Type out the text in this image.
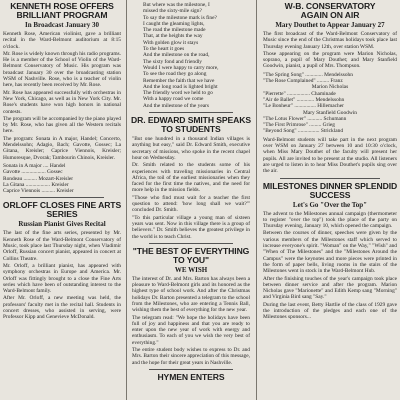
KENNETH ROSE OFFERS
BRILLIANT PROGRAM
In Broadcast January 30

Kenneth Rose, American violinist, gave a brilliant recital in the Ward-Belmont auditorium at 8:15 o'clock.

Mr. Rose is widely known through his radio programs. He is a member of the School of Violin of the Ward-Belmont Conservatory of Music. His program was broadcast January 30 over the broadcasting station WSM of Nashville. Rose, who is a teacher of violin here, has recently been received by Mr. Rose.

Mr. Rose has appeared successfully with orchestras in New York, Chicago, as well as in New York City. Mr. Rose's students have won high honors in national contests.

The program will be accompanied by the piano played by Mr. Rose, who has given all the Western recitals here.

The program: Sonata in A major, Handel; Concerto, Mendelssohn; Adagio, Bach; Gavotte, Gossec; La Gitana, Kreisler; Caprice Viennois, Kreisler; Humoresque, Dvorak; Tambourin Chinois, Kreisler.

Sonata in A major .... Handel
Gavotte .................. Gossec
Rondeau .......... Mozart-Kreisler
La Gitana .................. Kreisler
Caprice Viennois .......... Kreisler
ORLOFF CLOSES FINE ARTS SERIES
Russian Pianist Gives Recital

The last of the fine arts series, presented by Mr. Kenneth Rose of the Ward-Belmont Conservatory of Music, took place last Thursday night, when Vladimir Orloff, Russian concert pianist, appeared in concert at Collins Theatre.

Mr. Orloff, a brilliant pianist, has appeared with symphony orchestras in Europe and America. Mr. Orloff was fittingly brought to a close the Fine Arts series which have been of outstanding interest to the Ward-Belmont family.

After Mr. Orloff, a new meeting was held, the professors' faculty met in the recital hall. Students in concert dresses, who assisted in serving, were Professor Kipp and Genevieve McDonald.

But where was the milestone, I
missed the sixty-mile sign?
To say the milestone mark is fine?
I caught the gleaming lights,
The road the milestone made
That, at the heights the way
With golden glow it stays
To the heart it goes
And the milestone on the road,
The sixty fond and friendly
Would I were happy to carry more,
To see the road they go along
Remember the faith that we have
And the long road is lighted bright
The friendly word we held to go
With a happy road we come
And the milestone of the years
DR. EDWARD SMITH SPEAKS TO STUDENTS

"But one hundred in a thousand Indian villages is anything but easy," said Dr. Edward Smith, executive secretary of missions, who spoke in the recent chapel hour on Wednesday.

Dr. Smith related to the students some of his experiences with traveling missionaries in Central Africa, the toil of the earliest missionaries when they faced for the first time the natives, and the need for more help in the mission fields.

"Those who find must wait for a teacher the first question to attend: 'how long shall we wait?'" concluded Dr. Smith.

"To this particular village a young man of sixteen years was sent. Now in this village there is a group of believers." Dr. Smith believes the greatest privilege in the world is to teach Christ.

"THE BEST OF EVERYTHING TO YOU"
WE WISH

The interest of Dr. and Mrs. Barton has always been a pleasure to Ward-Belmont girls and its honored as the highest type of school work. And after the Christmas holidays Dr. Barton presented a telegram to the school from the Milestones, who are entering a Tennis Ball, wishing them the best of everything for the new year.

The telegram read: "We hope the holidays have been full of joy and happiness and that you are ready to enter upon the new year of work with energy and enthusiasm. To each of you we wish the very best of everything."

The entire student body wishes to express to Dr. and Mrs. Barton their sincere appreciation of this message, and the hope for their great years in Nashville.

HYMEN ENTERS
W-B. CONSERVATORY
AGAIN ON AIR
Mary Douthet to Appear January 27

The first broadcast of the Ward-Belmont Conservatory of Music since the end of the Christmas holidays took place last Thursday evening January 12th, over station WSM.

Those appearing on the program were Marion Nicholas, soprano, a pupil of Mary Douthet; and Mary Stanfield Goodwin, pianist, a pupil of Mrs. Thompson.

"The Spring Song" ............. Mendelssohn
"The Rose Complained" ......... Franz
Marion Nicholas
"Pierrette" ................. Chaminade
"Air de Ballet" ............. Mendelssohn
"Le Bonheur" ................ Hillemacher
Mary Stanfield Goodwin
"The Lotus Flower" ........... Schumann
"The First Primrose" ......... Grieg
"Beyond Song" ................ Strickland

Ward-Belmont students will take part in the next program over WSM on January 27 between 10 and 10:30 o'clock, when Miss Mary Douthet of the faculty will present her pupils. All are invited to be present at the studio. All listeners are urged to listen in to hear Miss Douthet's pupils sing over the air.

MILESTONES DINNER SPLENDID SUCCESS
Let's Go "Over the Top"

The advent to the Milestones annual campaign (thermometer to register "over the top") took the place of the party on Thursday evening, January 10, which opened the campaign.

Between the courses of dinner, speeches were given by the various members of the Milestones staff which served to increase everyone's spirit. "Woman" on the Way," "Wish" and "When of The Milestones" and the "Milestones Around the Campus" were the keynotes and more pieces were printed in the form of paper bells, living rooms in the stairs of the Milestones went in stock in the Ward-Belmont Hub.

After the finishing touches of the year's campaign took place between dinner service and after the program. Marion Nicholas gave "Marionette" and Edith Kemp sang "Morning" and Virginia Bird sang "Say."

During the last event, Betty Hartlie of the class of 1929 gave the introduction of the pledges and each one of the Milestones sponsors...
